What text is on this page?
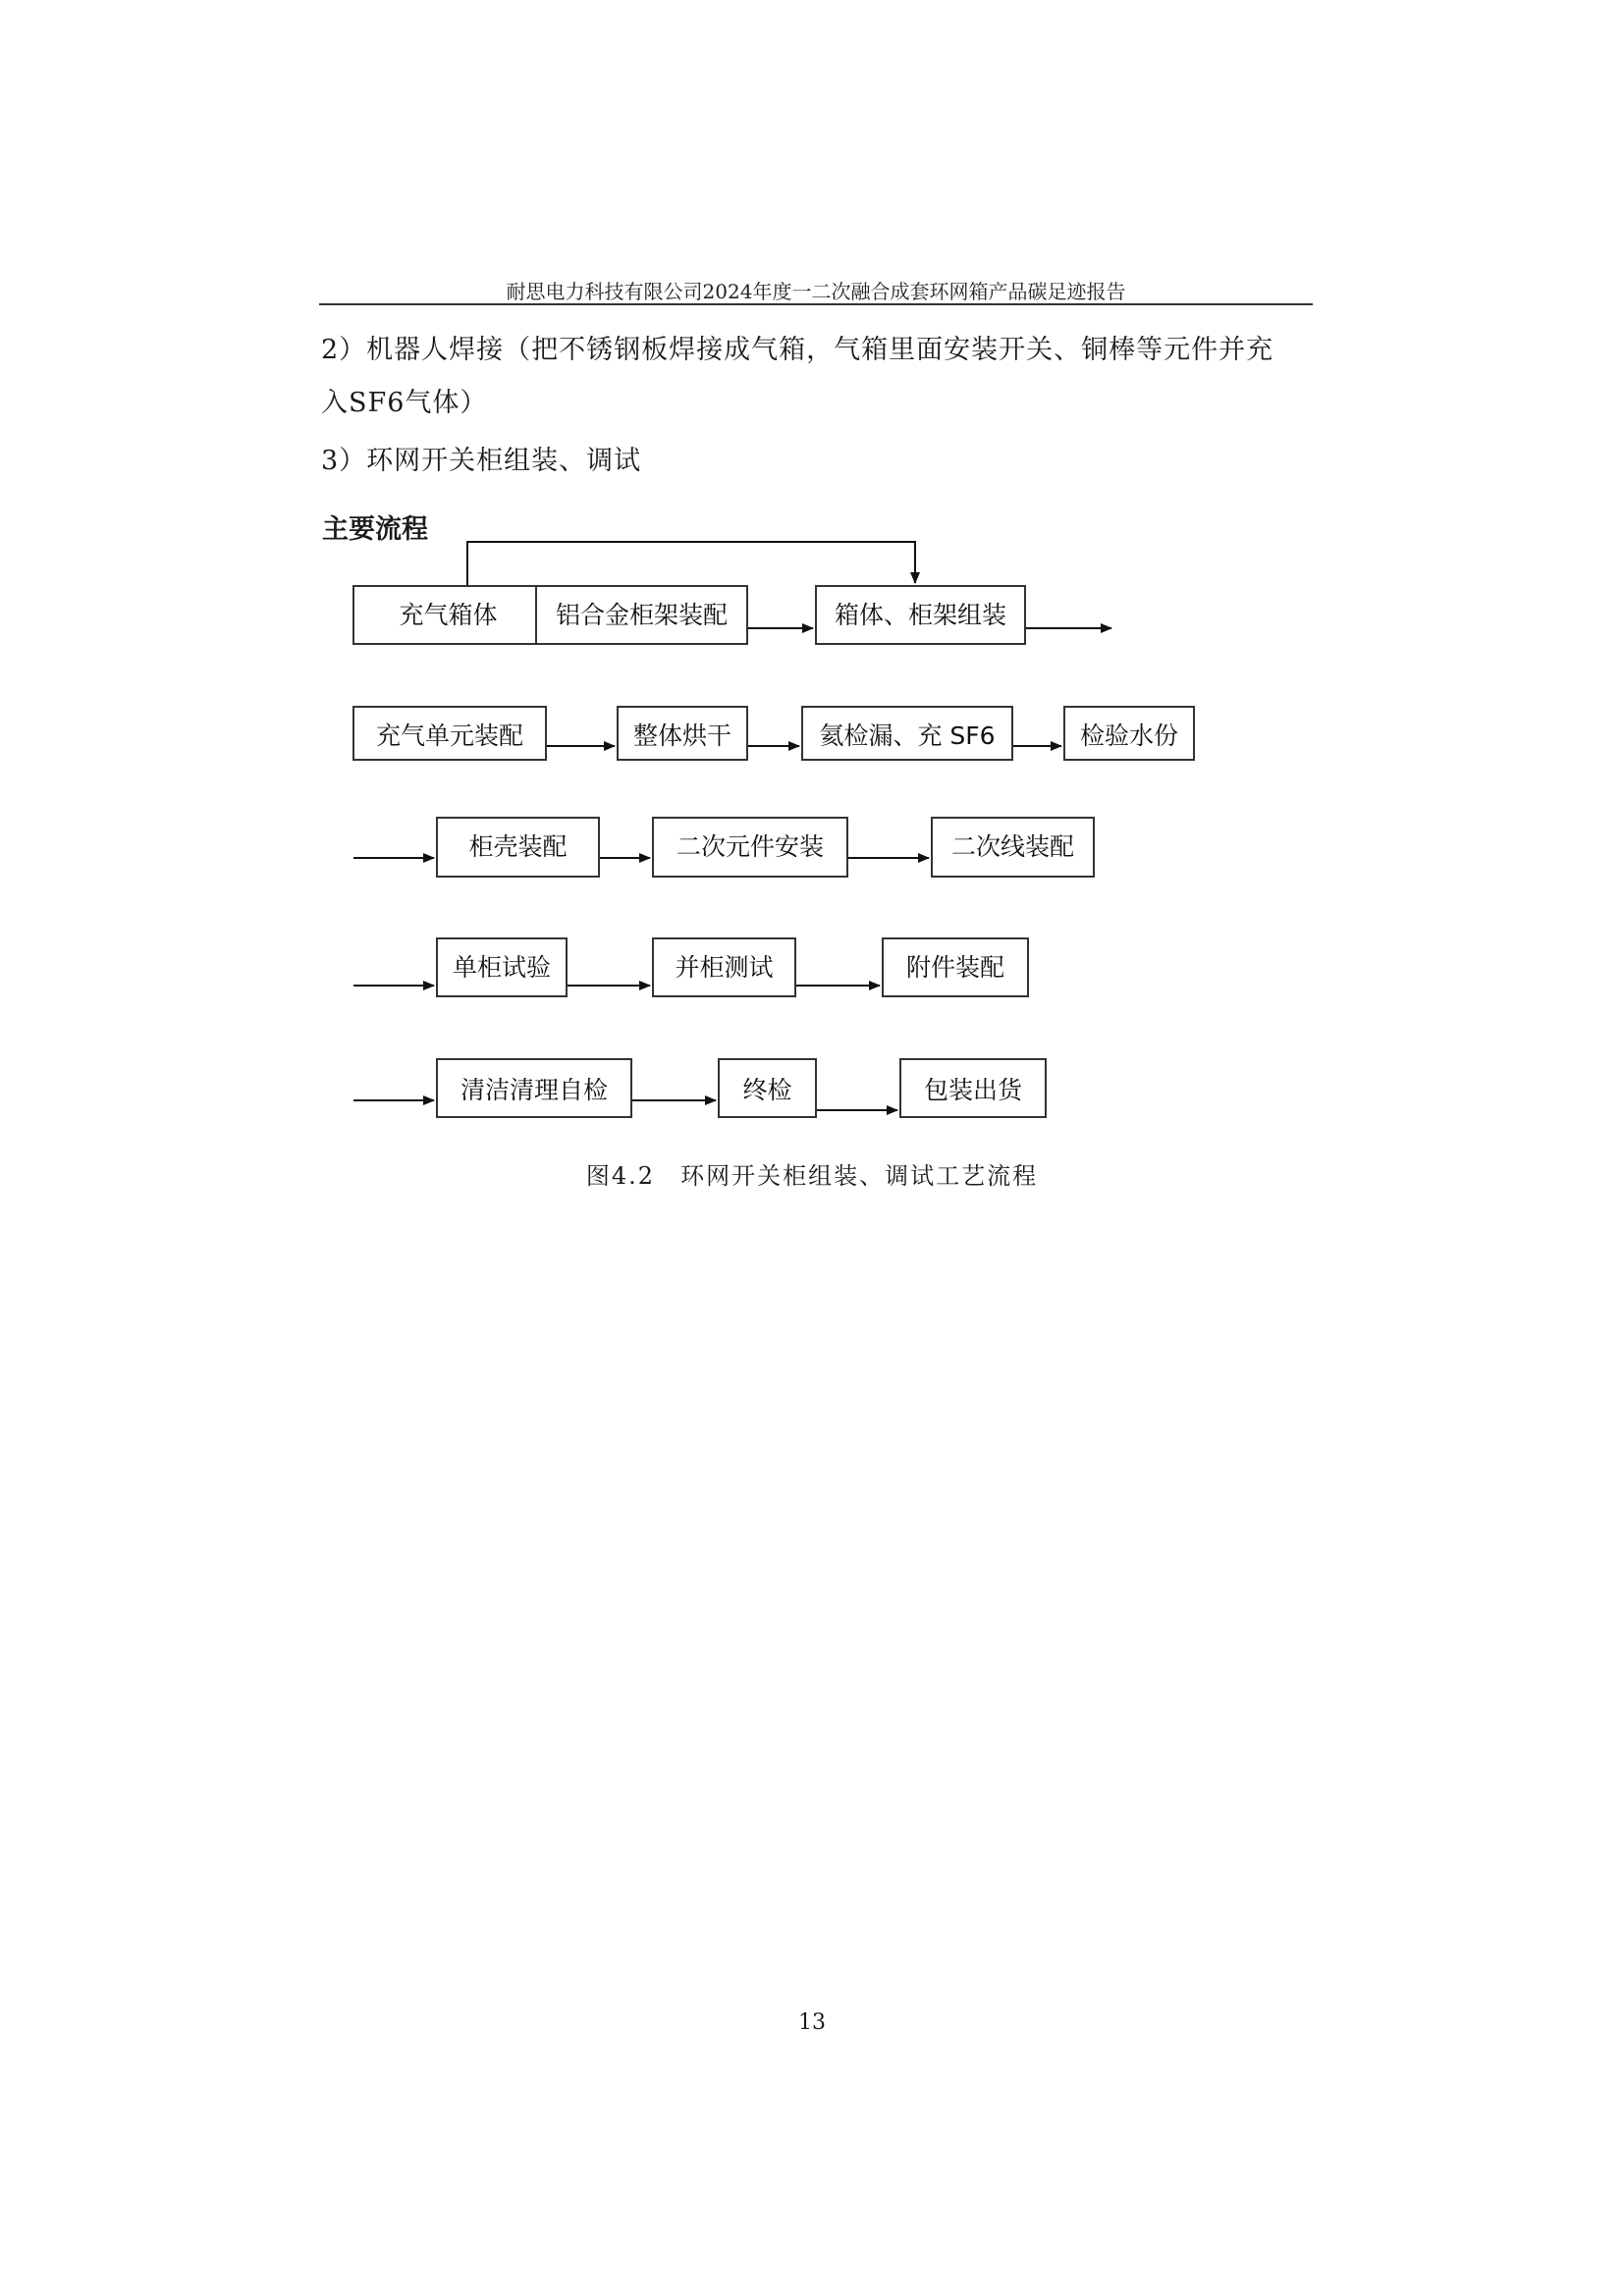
耐思电力科技有限公司2024年度一二次融合成套环网箱产品碳足迹报告
2）机器人焊接（把不锈钢板焊接成气箱，气箱里面安装开关、铜棒等元件并充
入SF6气体）
3）环网开关柜组装、调试
主要流程
充气箱体	铝合金柜架装配	箱体、柜架组装
充气单元装配	整体烘干	氦检漏、充 SF6	检验水份
柜壳装配	二次元件安装	二次线装配
单柜试验	并柜测试	附件装配
清洁清理自检	终检	包装出货
图4.2　环网开关柜组装、调试工艺流程
13
